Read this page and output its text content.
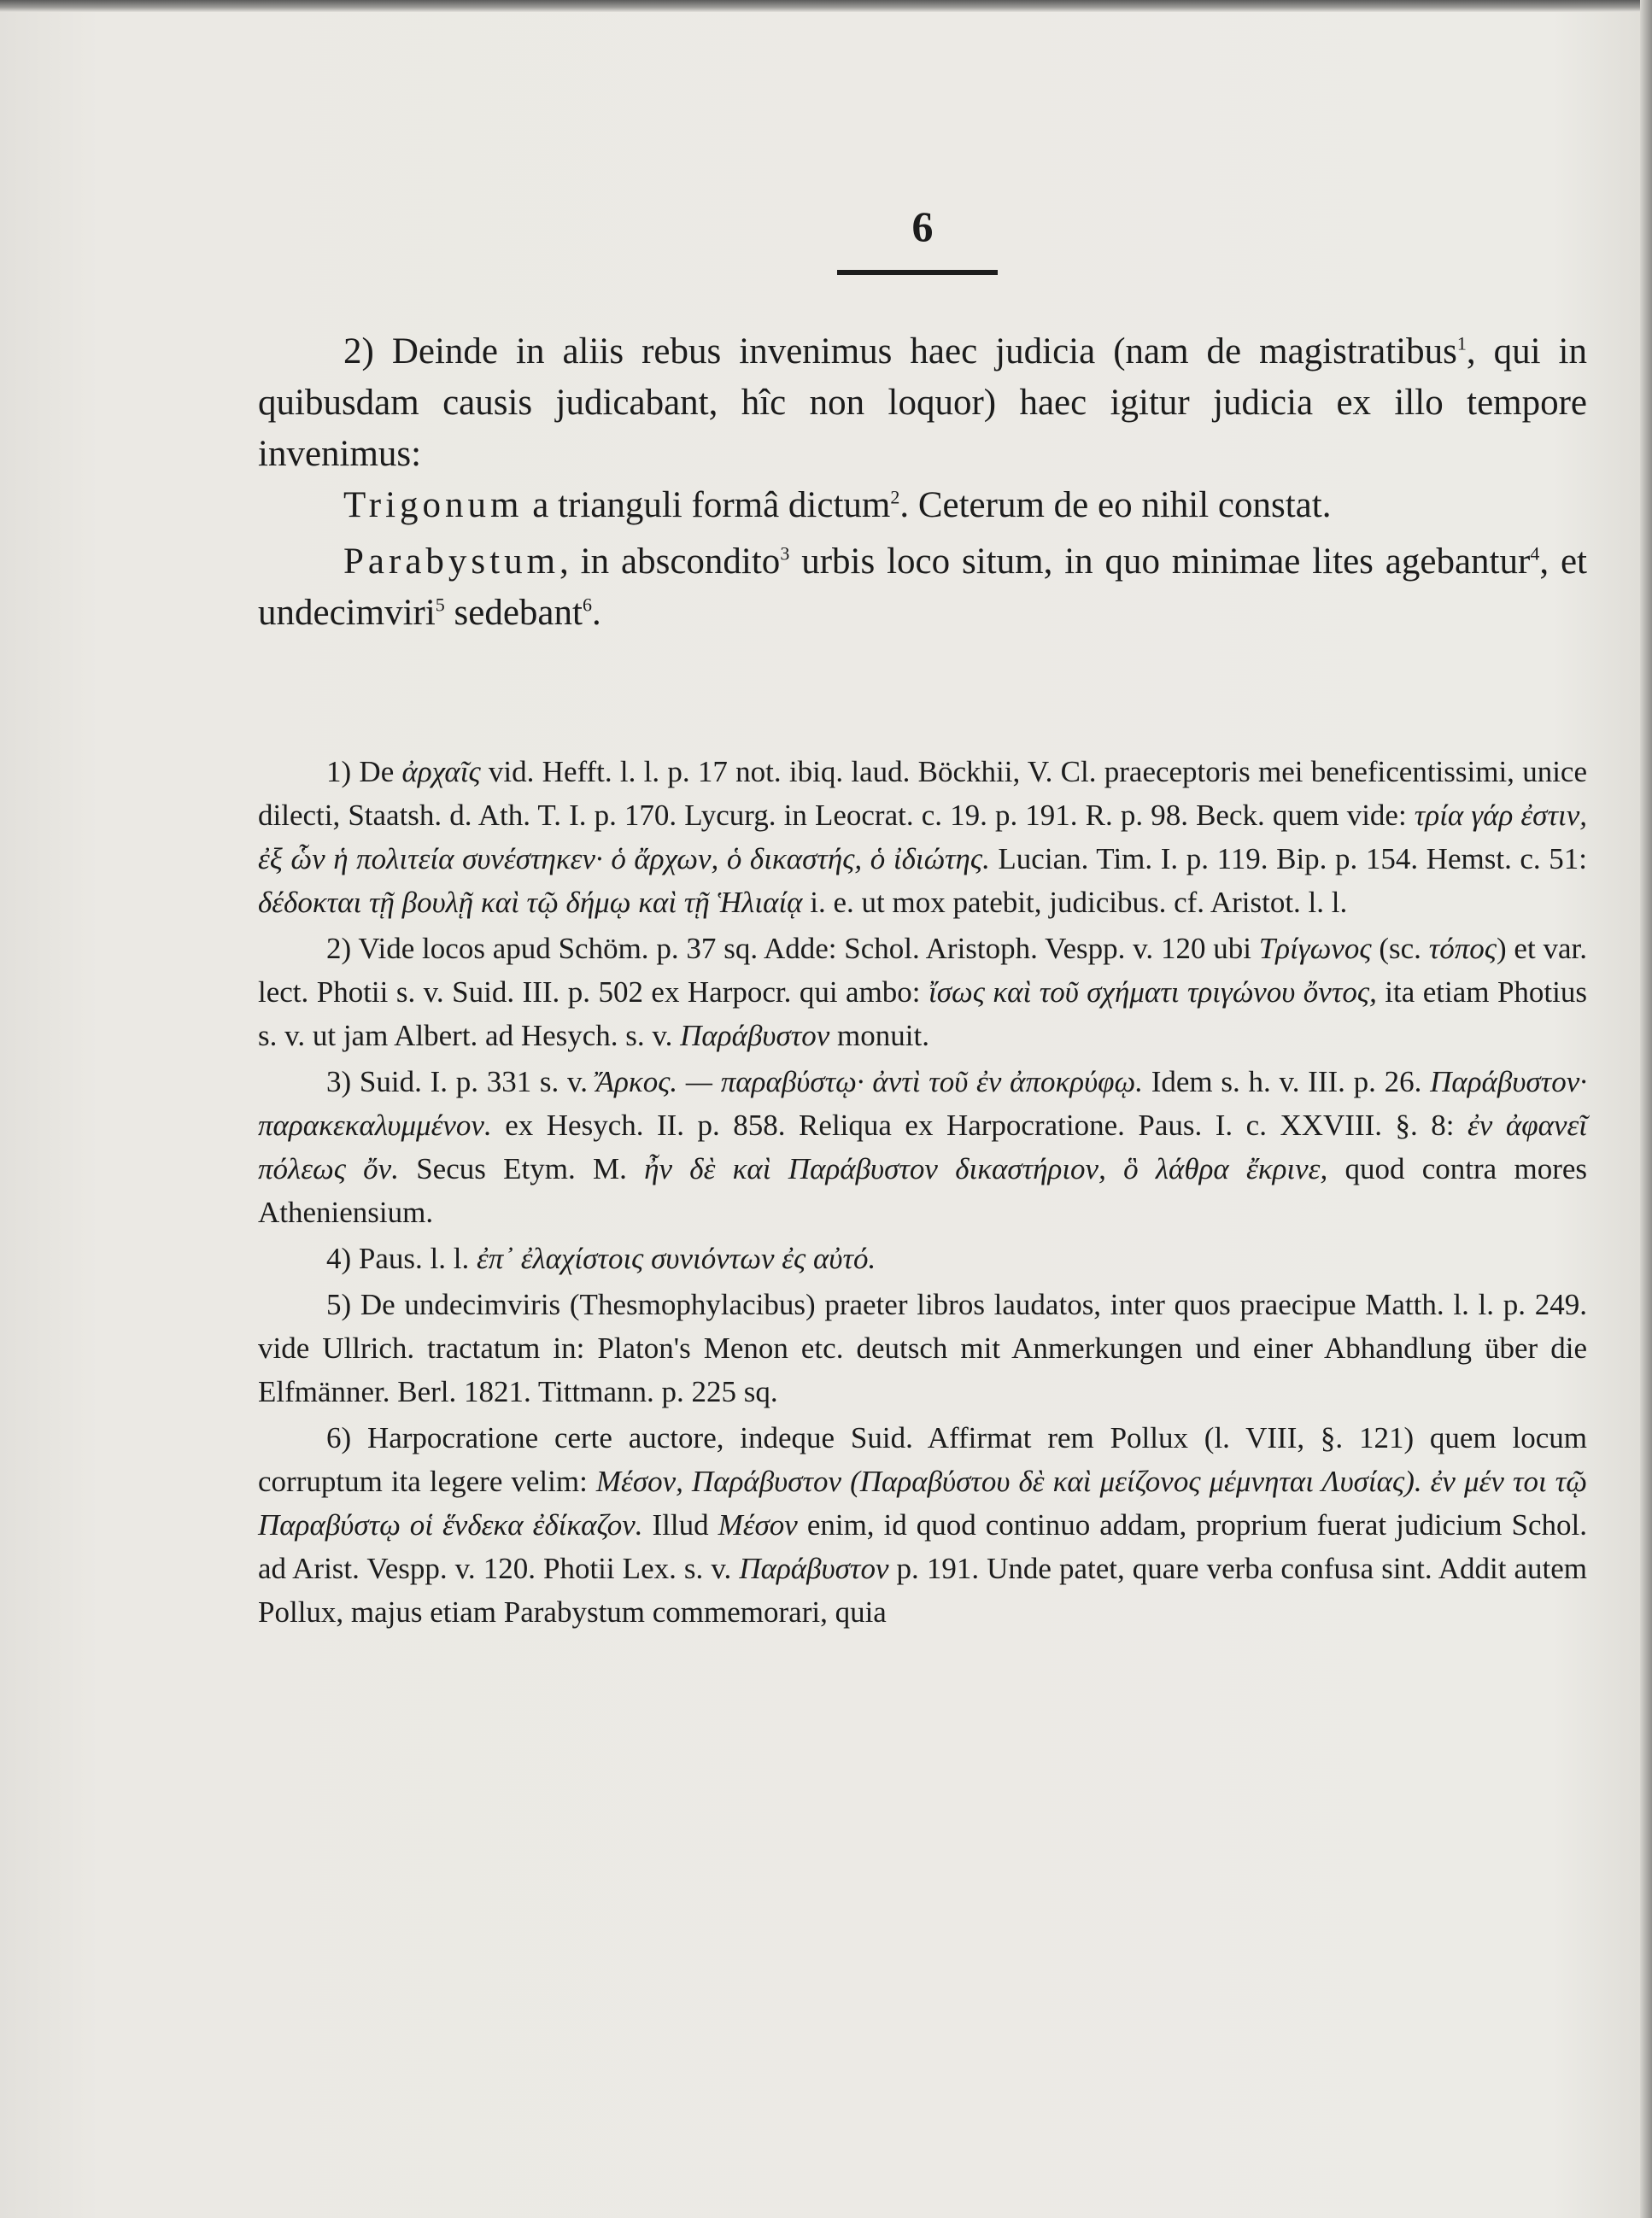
6

2) Deinde in aliis rebus invenimus haec judicia (nam de magistratibus$^1$, qui in quibusdam causis judicabant, hîc non loquor) haec igitur judicia ex illo tempore invenimus:

Trigonum a trianguli formâ dictum$^2$. Ceterum de eo nihil constat.

Parabystum, in abscondito$^3$ urbis loco situm, in quo minimae lites agebantur$^4$, et undecimviri$^5$ sedebant$^6$.

1) De ἀρχαῖς vid. Hefft. l. l. p. 17 not. ibiq. laud. Böckhii, V. Cl. praeceptoris mei beneficentissimi, unice dilecti, Staatsh. d. Ath. T. I. p. 170. Lycurg. in Leocrat. c. 19. p. 191. R. p. 98. Beck. quem vide: τρία γάρ ἐστιν, ἐξ ὧν ἡ πολιτεία συνέστηκεν· ὁ ἄρχων, ὁ δικαστής, ὁ ἰδιώτης. Lucian. Tim. I. p. 119. Bip. p. 154. Hemst. c. 51: δέδοκται τῇ βουλῇ καὶ τῷ δήμῳ καὶ τῇ Ἡλιαίᾳ i. e. ut mox patebit, judicibus. cf. Aristot. l. l.

2) Vide locos apud Schöm. p. 37 sq. Adde: Schol. Aristoph. Vespp. v. 120 ubi Τρίγωνος (sc. τόπος) et var. lect. Photii s. v. Suid. III. p. 502 ex Harpocr. qui ambo: ἴσως καὶ τοῦ σχήματι τριγώνου ὄντος, ita etiam Photius s. v. ut jam Albert. ad Hesych. s. v. Παράβυστον monuit.

3) Suid. I. p. 331 s. v. Ἄρκος. — παραβύστῳ· ἀντὶ τοῦ ἐν ἀποκρύφῳ. Idem s. h. v. III. p. 26. Παράβυστον· παρακεκαλυμμένον. ex Hesych. II. p. 858. Reliqua ex Harpocratione. Paus. I. c. XXVIII. §. 8: ἐν ἀφανεῖ πόλεως ὄν. Secus Etym. M. ἦν δὲ καὶ Παράβυστον δικαστήριον, ὃ λάθρα ἔκρινε, quod contra mores Atheniensium.

4) Paus. l. l. ἐπ᾽ ἐλαχίστοις συνιόντων ἐς αὐτό.

5) De undecimviris (Thesmophylacibus) praeter libros laudatos, inter quos praecipue Matth. l. l. p. 249. vide Ullrich. tractatum in: Platon's Menon etc. deutsch mit Anmerkungen und einer Abhandlung über die Elfmänner. Berl. 1821. Tittmann. p. 225 sq.

6) Harpocratione certe auctore, indeque Suid. Affirmat rem Pollux (l. VIII, §. 121) quem locum corruptum ita legere velim: Μέσον, Παράβυστον (Παραβύστου δὲ καὶ μείζονος μέμνηται Λυσίας). ἐν μέν τοι τῷ Παραβύστῳ οἱ ἕνδεκα ἐδίκαζον. Illud Μέσον enim, id quod continuo addam, proprium fuerat judicium Schol. ad Arist. Vespp. v. 120. Photii Lex. s. v. Παράβυστον p. 191. Unde patet, quare verba confusa sint. Addit autem Pollux, majus etiam Parabystum commemorari, quia
